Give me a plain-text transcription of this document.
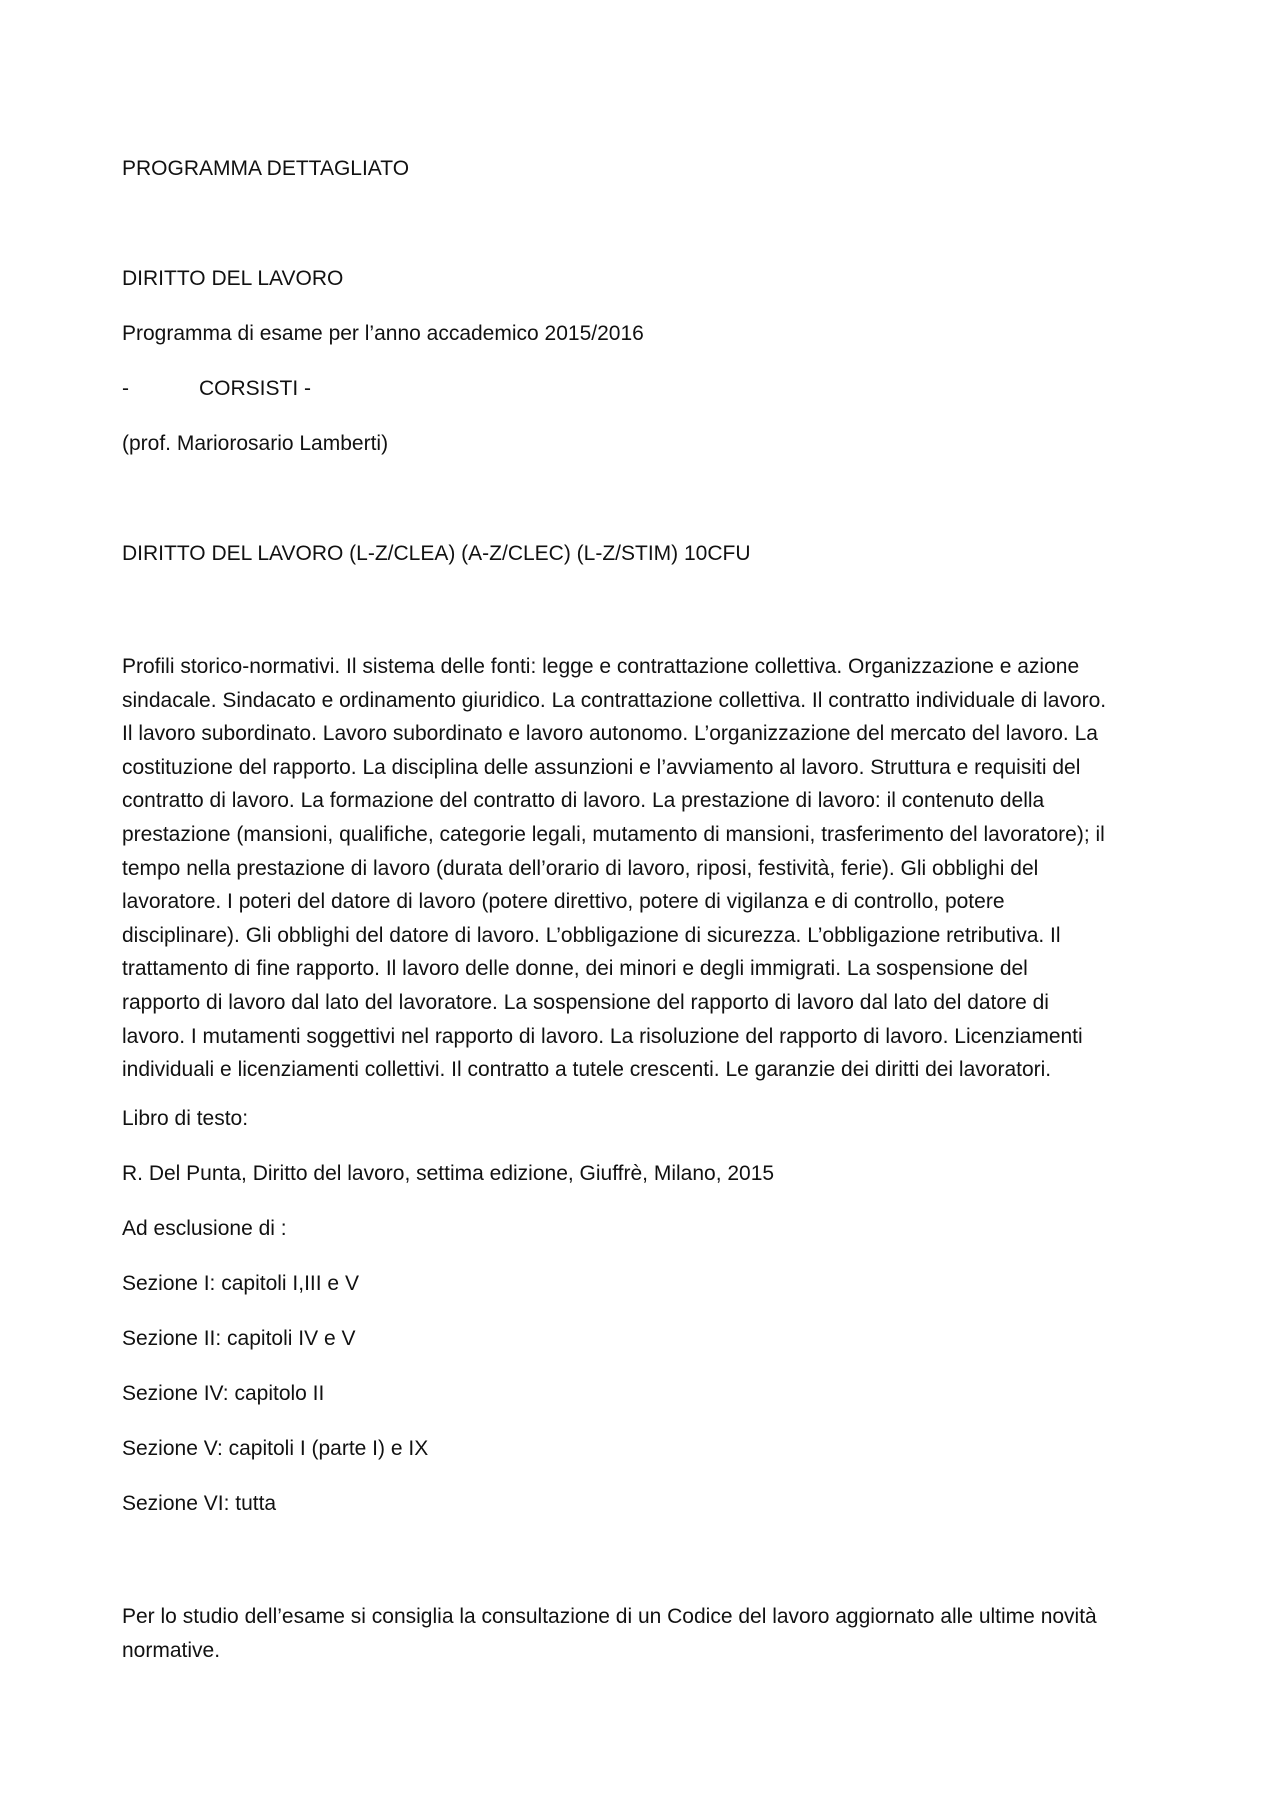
PROGRAMMA DETTAGLIATO
DIRITTO DEL LAVORO
Programma di esame per l’anno accademico 2015/2016
-	CORSISTI -
(prof. Mariorosario Lamberti)
DIRITTO DEL LAVORO (L-Z/CLEA) (A-Z/CLEC) (L-Z/STIM) 10CFU
Profili storico-normativi. Il sistema delle fonti: legge e contrattazione collettiva. Organizzazione e azione
sindacale. Sindacato e ordinamento giuridico. La contrattazione collettiva. Il contratto individuale di lavoro.
Il lavoro subordinato. Lavoro subordinato e lavoro autonomo. L’organizzazione del mercato del lavoro. La
costituzione del rapporto. La disciplina delle assunzioni e l’avviamento al lavoro. Struttura e requisiti del
contratto di lavoro. La formazione del contratto di lavoro. La prestazione di lavoro: il contenuto della
prestazione (mansioni, qualifiche, categorie legali, mutamento di mansioni, trasferimento del lavoratore); il
tempo nella prestazione di lavoro (durata dell’orario di lavoro, riposi, festività, ferie). Gli obblighi del
lavoratore. I poteri del datore di lavoro (potere direttivo, potere di vigilanza e di controllo, potere
disciplinare). Gli obblighi del datore di lavoro. L’obbligazione di sicurezza. L’obbligazione retributiva. Il
trattamento di fine rapporto. Il lavoro delle donne, dei minori e degli immigrati. La sospensione del
rapporto di lavoro dal lato del lavoratore. La sospensione del rapporto di lavoro dal lato del datore di
lavoro. I mutamenti soggettivi nel rapporto di lavoro. La risoluzione del rapporto di lavoro. Licenziamenti
individuali e licenziamenti collettivi. Il contratto a tutele crescenti. Le garanzie dei diritti dei lavoratori.
Libro di testo:
R. Del Punta, Diritto del lavoro, settima edizione, Giuffrè, Milano, 2015
Ad esclusione di :
Sezione I: capitoli I,III e V
Sezione II: capitoli IV e V
Sezione IV: capitolo II
Sezione V: capitoli I (parte I) e IX
Sezione VI: tutta
Per lo studio dell’esame si consiglia la consultazione di un Codice del lavoro aggiornato alle ultime novità
normative.
